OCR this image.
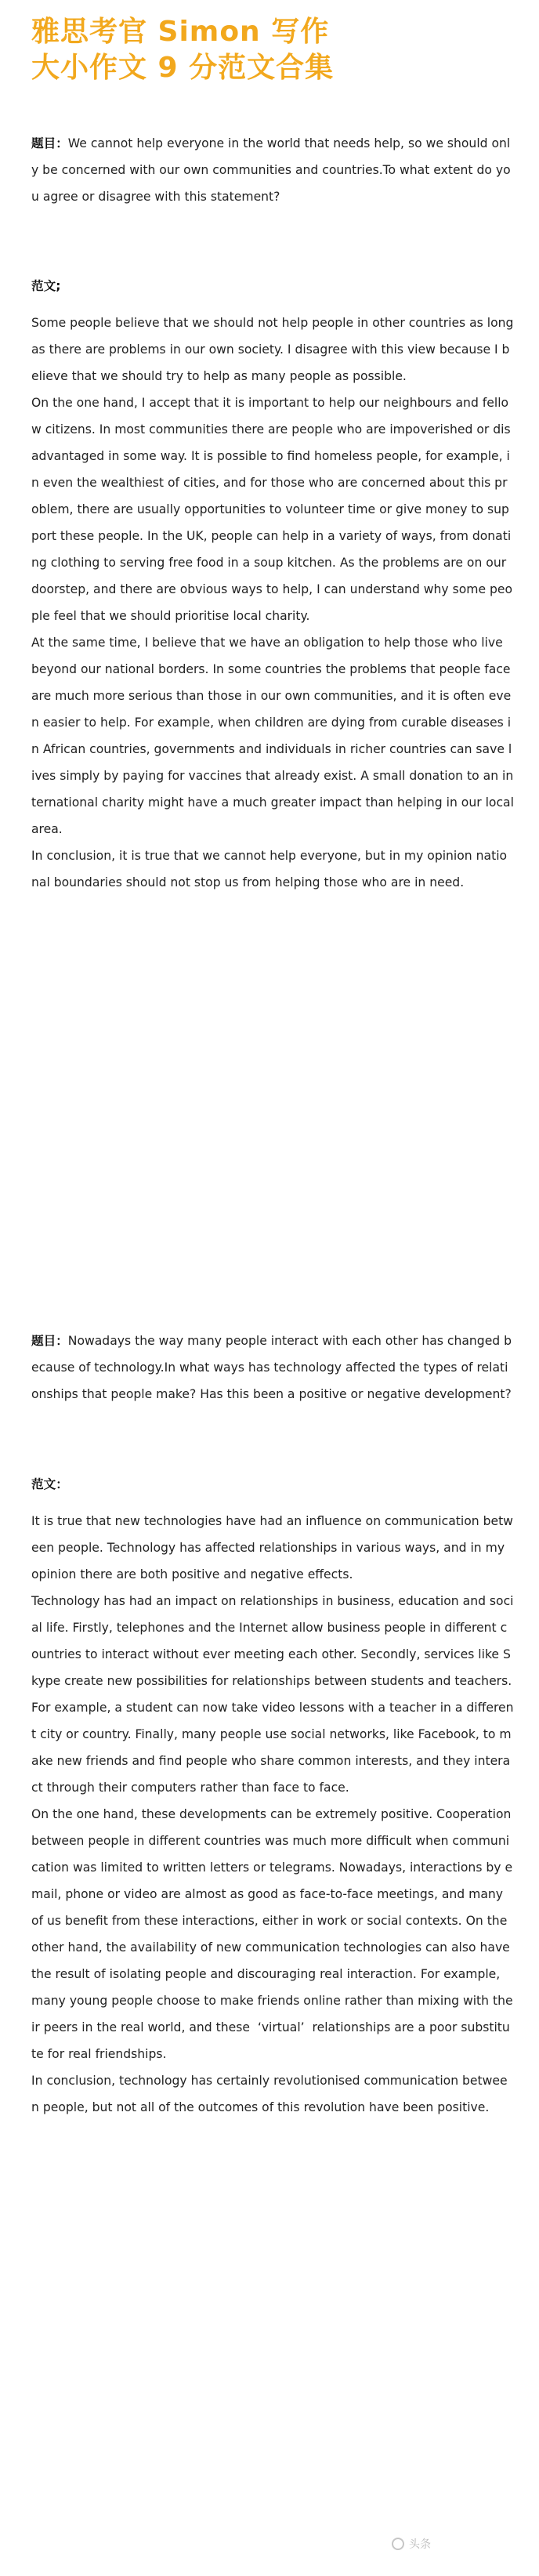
雅思考官 Simon 写作
大小作文 9 分范文合集
题目：We cannot help everyone in the world that needs help, so we should only be concerned with our own communities and countries.To what extent do you agree or disagree with this statement?
范文;

Some people believe that we should not help people in other countries as long as there are problems in our own society. I disagree with this view because I believe that we should try to help as many people as possible.

On the one hand, I accept that it is important to help our neighbours and fellow citizens. In most communities there are people who are impoverished or disadvantaged in some way. It is possible to find homeless people, for example, in even the wealthiest of cities, and for those who are concerned about this problem, there are usually opportunities to volunteer time or give money to support these people. In the UK, people can help in a variety of ways, from donating clothing to serving free food in a soup kitchen. As the problems are on our doorstep, and there are obvious ways to help, I can understand why some people feel that we should prioritise local charity.

At the same time, I believe that we have an obligation to help those who live beyond our national borders. In some countries the problems that people face are much more serious than those in our own communities, and it is often even easier to help. For example, when children are dying from curable diseases in African countries, governments and individuals in richer countries can save lives simply by paying for vaccines that already exist. A small donation to an international charity might have a much greater impact than helping in our local area.

In conclusion, it is true that we cannot help everyone, but in my opinion national boundaries should not stop us from helping those who are in need.

题目：Nowadays the way many people interact with each other has changed because of technology.In what ways has technology affected the types of relationships that people make? Has this been a positive or negative development?
范文：

It is true that new technologies have had an influence on communication between people. Technology has affected relationships in various ways, and in my opinion there are both positive and negative effects.

Technology has had an impact on relationships in business, education and social life. Firstly, telephones and the Internet allow business people in different countries to interact without ever meeting each other. Secondly, services like Skype create new possibilities for relationships between students and teachers. For example, a student can now take video lessons with a teacher in a different city or country. Finally, many people use social networks, like Facebook, to make new friends and find people who share common interests, and they interact through their computers rather than face to face.

On the one hand, these developments can be extremely positive. Cooperation between people in different countries was much more difficult when communication was limited to written letters or telegrams. Nowadays, interactions by email, phone or video are almost as good as face-to-face meetings, and many of us benefit from these interactions, either in work or social contexts. On the other hand, the availability of new communication technologies can also have the result of isolating people and discouraging real interaction. For example, many young people choose to make friends online rather than mixing with their peers in the real world, and these  ‘virtual’  relationships are a poor substitute for real friendships.

In conclusion, technology has certainly revolutionised communication between people, but not all of the outcomes of this revolution have been positive.

头条
